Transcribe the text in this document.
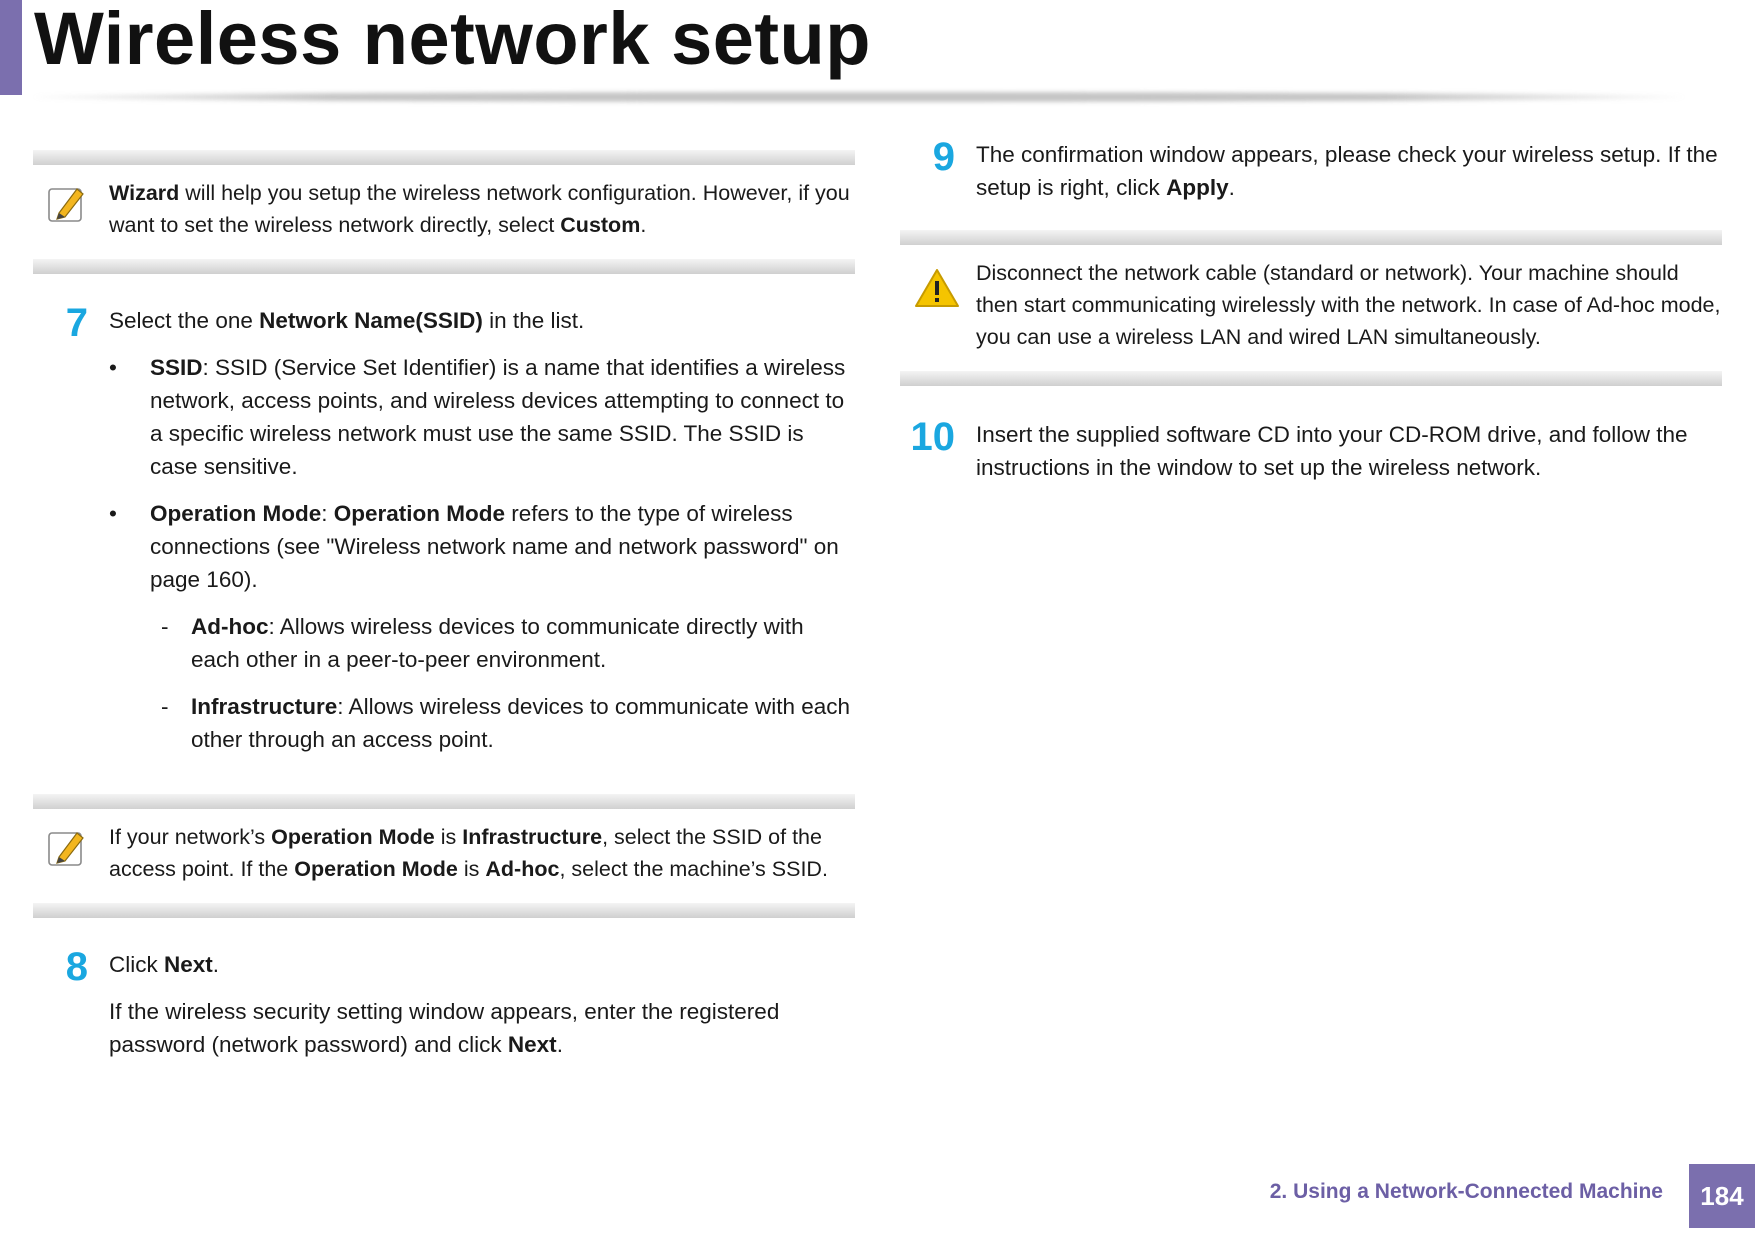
Wireless network setup
Wizard will help you setup the wireless network configuration. However, if you want to set the wireless network directly, select Custom.
7 Select the one Network Name(SSID) in the list.

• SSID: SSID (Service Set Identifier) is a name that identifies a wireless network, access points, and wireless devices attempting to connect to a specific wireless network must use the same SSID. The SSID is case sensitive.
• Operation Mode: Operation Mode refers to the type of wireless connections (see "Wireless network name and network password" on page 160).
- Ad-hoc: Allows wireless devices to communicate directly with each other in a peer-to-peer environment.
- Infrastructure: Allows wireless devices to communicate with each other through an access point.
If your network’s Operation Mode is Infrastructure, select the SSID of the access point. If the Operation Mode is Ad-hoc, select the machine’s SSID.
8 Click Next.

If the wireless security setting window appears, enter the registered password (network password) and click Next.

9 The confirmation window appears, please check your wireless setup. If the setup is right, click Apply.

Disconnect the network cable (standard or network). Your machine should then start communicating wirelessly with the network. In case of Ad-hoc mode, you can use a wireless LAN and wired LAN simultaneously.
10 Insert the supplied software CD into your CD-ROM drive, and follow the instructions in the window to set up the wireless network.

2. Using a Network-Connected Machine	184
